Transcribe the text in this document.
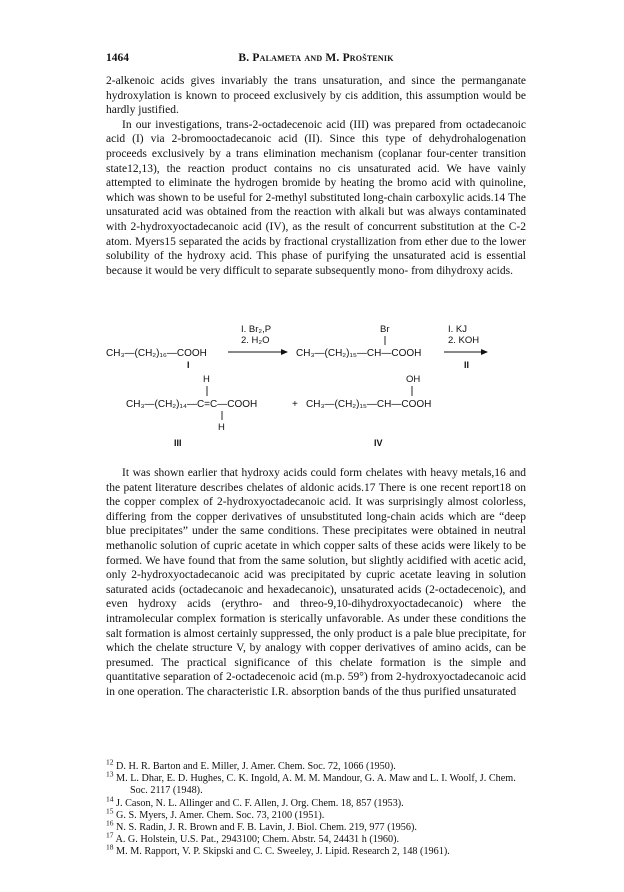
1464	B. Palameta and M. Proštenik

2-alkenoic acids gives invariably the trans unsaturation, and since the permanganate hydroxylation is known to proceed exclusively by cis addition, this assumption would be hardly justified.

In our investigations, trans-2-octadecenoic acid (III) was prepared from octadecanoic acid (I) via 2-bromooctadecanoic acid (II). Since this type of dehydrohalogenation proceeds exclusively by a trans elimination mechanism (coplanar four-center transition state12,13), the reaction product contains no cis unsaturated acid. We have vainly attempted to eliminate the hydrogen bromide by heating the bromo acid with quinoline, which was shown to be useful for 2-methyl substituted long-chain carboxylic acids.14 The unsaturated acid was obtained from the reaction with alkali but was always contaminated with 2-hydroxyoctadecanoic acid (IV), as the result of concurrent substitution at the C-2 atom. Myers15 separated the acids by fractional crystallization from ether due to the lower solubility of the hydroxy acid. This phase of purifying the unsaturated acid is essential because it would be very difficult to separate subsequently mono- from dihydroxy acids.

I. Br₂,P
2. H₂O
Br	I. KJ
2. KOH
CH₃—(CH₂)₁₆—COOH	CH₃—(CH₂)₁₅—CH—COOH
I	II
H	OH
CH₃—(CH₂)₁₄—C=C—COOH	+ CH₃—(CH₂)₁₅—CH—COOH
H
III	IV

It was shown earlier that hydroxy acids could form chelates with heavy metals,16 and the patent literature describes chelates of aldonic acids.17 There is one recent report18 on the copper complex of 2-hydroxyoctadecanoic acid. It was surprisingly almost colorless, differing from the copper derivatives of unsubstituted long-chain acids which are “deep blue precipitates” under the same conditions. These precipitates were obtained in neutral methanolic solution of cupric acetate in which copper salts of these acids were likely to be formed. We have found that from the same solution, but slightly acidified with acetic acid, only 2-hydroxyoctadecanoic acid was precipitated by cupric acetate leaving in solution saturated acids (octadecanoic and hexadecanoic), unsaturated acids (2-octadecenoic), and even hydroxy acids (erythro- and threo-9,10-dihydroxyoctadecanoic) where the intramolecular complex formation is sterically unfavorable. As under these conditions the salt formation is almost certainly suppressed, the only product is a pale blue precipitate, for which the chelate structure V, by analogy with copper derivatives of amino acids, can be presumed. The practical significance of this chelate formation is the simple and quantitative separation of 2-octadecenoic acid (m.p. 59°) from 2-hydroxyoctadecanoic acid in one operation. The characteristic I.R. absorption bands of the thus purified unsaturated

$^{12}$ D. H. R. Barton and E. Miller, J. Amer. Chem. Soc. 72, 1066 (1950).

$^{13}$ M. L. Dhar, E. D. Hughes, C. K. Ingold, A. M. M. Mandour, G. A. Maw and L. I. Woolf, J. Chem. Soc. 2117 (1948).

$^{14}$ J. Cason, N. L. Allinger and C. F. Allen, J. Org. Chem. 18, 857 (1953).

$^{15}$ G. S. Myers, J. Amer. Chem. Soc. 73, 2100 (1951).

$^{16}$ N. S. Radin, J. R. Brown and F. B. Lavin, J. Biol. Chem. 219, 977 (1956).

$^{17}$ A. G. Holstein, U.S. Pat., 2943100; Chem. Abstr. 54, 24431 h (1960).

$^{18}$ M. M. Rapport, V. P. Skipski and C. C. Sweeley, J. Lipid. Research 2, 148 (1961).
